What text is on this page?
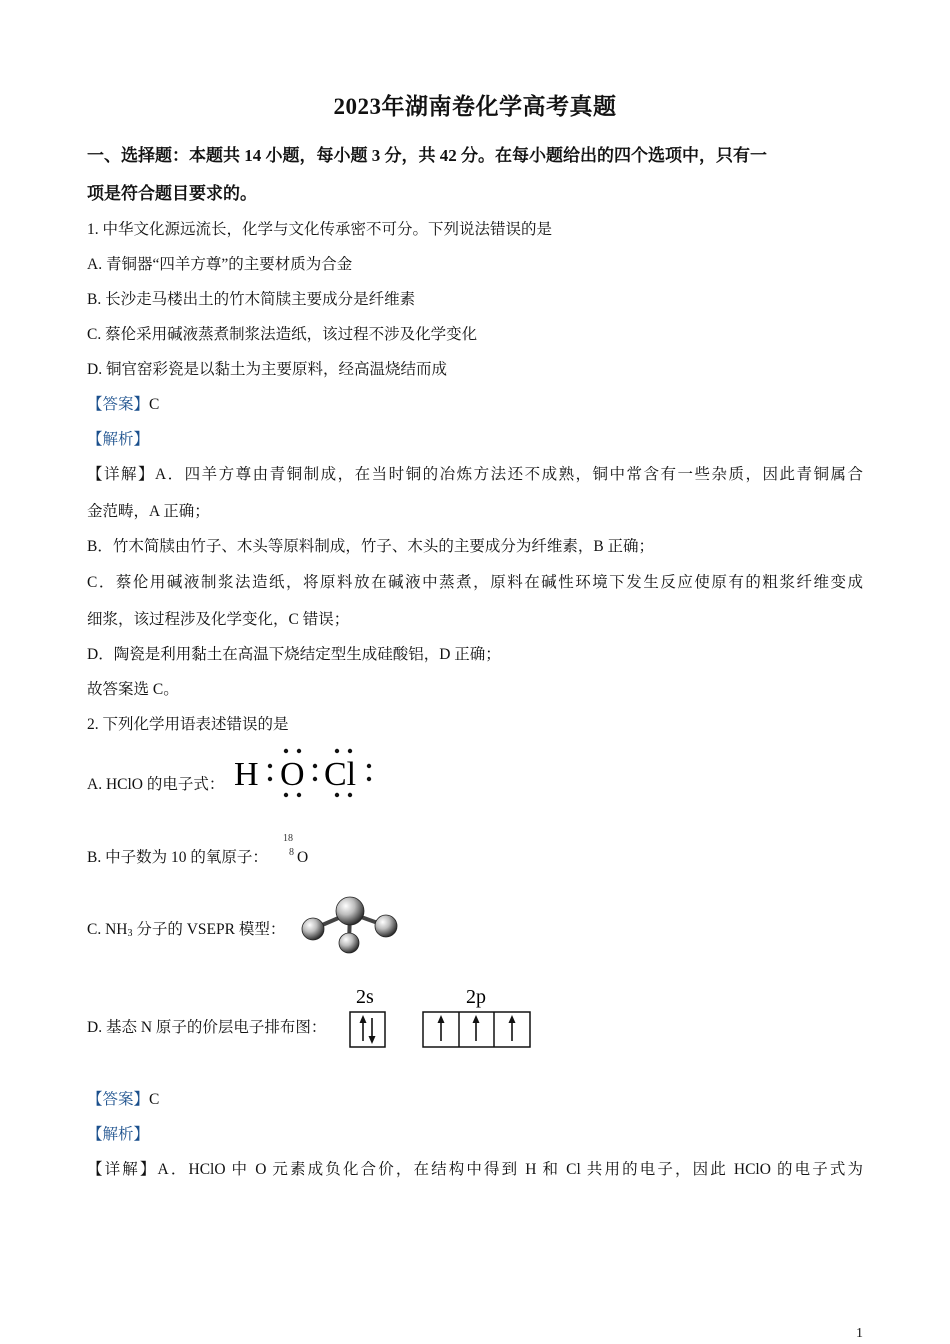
2023年湖南卷化学高考真题
一、选择题：本题共 14 小题，每小题 3 分，共 42 分。在每小题给出的四个选项中，只有一
项是符合题目要求的。
1. 中华文化源远流长，化学与文化传承密不可分。下列说法错误的是
A. 青铜器“四羊方尊”的主要材质为合金
B. 长沙走马楼出土的竹木简牍主要成分是纤维素
C. 蔡伦采用碱液蒸煮制浆法造纸，该过程不涉及化学变化
D. 铜官窑彩瓷是以黏土为主要原料，经高温烧结而成
【答案】C
【解析】
【详解】A．四羊方尊由青铜制成，在当时铜的冶炼方法还不成熟，铜中常含有一些杂质，因此青铜属合
金范畴，A 正确；
B．竹木简牍由竹子、木头等原料制成，竹子、木头的主要成分为纤维素，B 正确；
C．蔡伦用碱液制浆法造纸，将原料放在碱液中蒸煮，原料在碱性环境下发生反应使原有的粗浆纤维变成
细浆，该过程涉及化学变化，C 错误；
D．陶瓷是利用黏土在高温下烧结定型生成硅酸铝，D 正确；
故答案选 C。
2. 下列化学用语表述错误的是
A. HClO 的电子式： H O Cl
B. 中子数为 10 的氧原子：
18
8 O
C. $NH_3$ 分子的 VSEPR 模型：
D. 基态 N 原子的价层电子排布图：
2s	2p
【答案】C
【解析】
【详解】A．HClO 中 O 元素成负化合价，在结构中得到 H 和 Cl 共用的电子，因此 HClO 的电子式为
1
